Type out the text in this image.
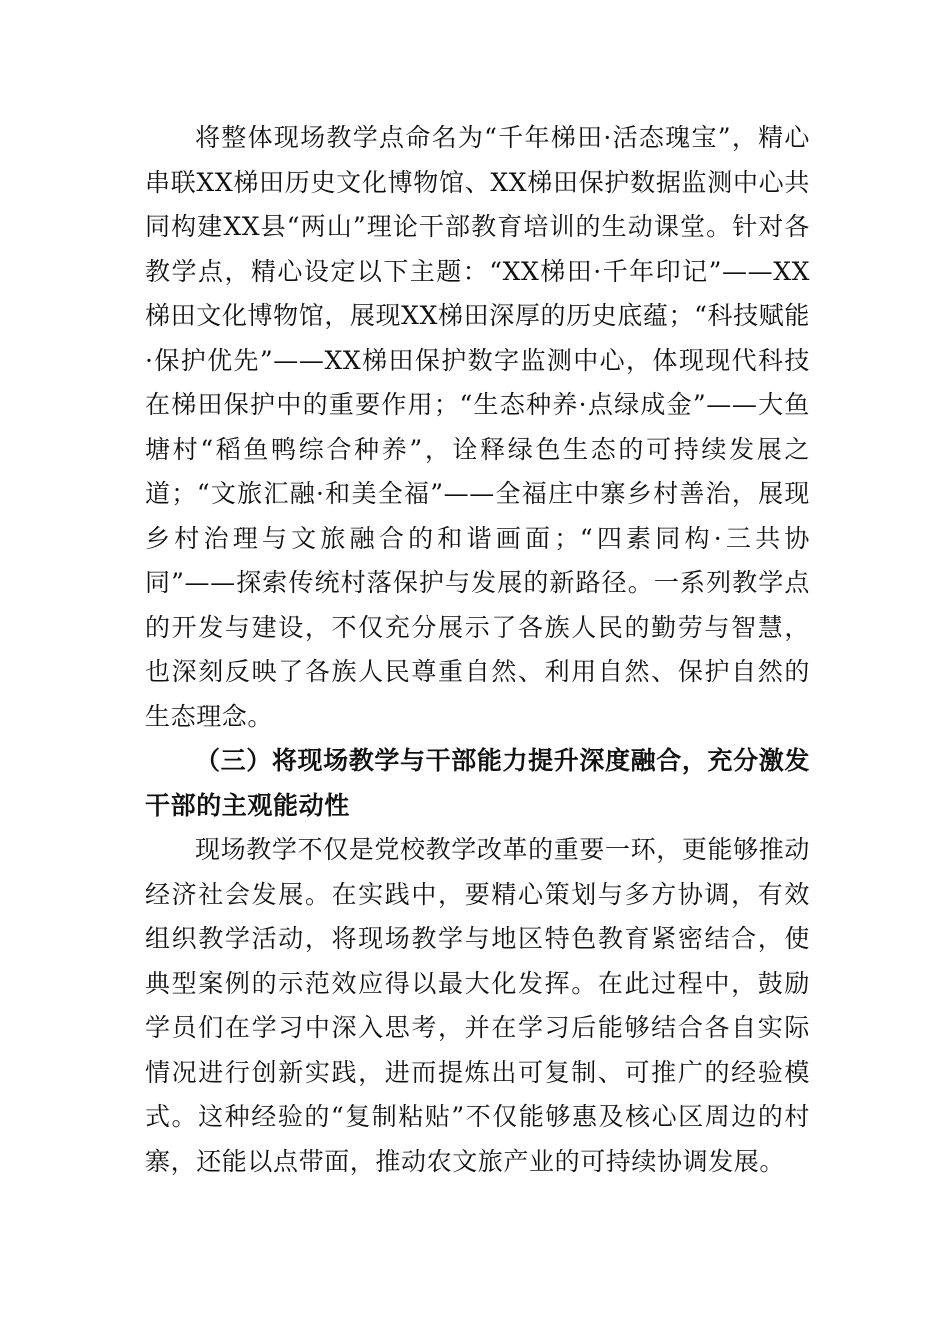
将整体现场教学点命名为“千年梯田·活态瑰宝”，精心串联XX梯田历史文化博物馆、XX梯田保护数据监测中心共同构建XX县“两山”理论干部教育培训的生动课堂。针对各教学点，精心设定以下主题：“XX梯田·千年印记”——XX梯田文化博物馆，展现XX梯田深厚的历史底蕴；“科技赋能·保护优先”——XX梯田保护数字监测中心，体现现代科技在梯田保护中的重要作用；“生态种养·点绿成金”——大鱼塘村“稻鱼鸭综合种养”，诠释绿色生态的可持续发展之道；“文旅汇融·和美全福”——全福庄中寨乡村善治，展现乡村治理与文旅融合的和谐画面；“四素同构·三共协同”——探索传统村落保护与发展的新路径。一系列教学点的开发与建设，不仅充分展示了各族人民的勤劳与智慧，也深刻反映了各族人民尊重自然、利用自然、保护自然的生态理念。

（三）将现场教学与干部能力提升深度融合，充分激发干部的主观能动性

现场教学不仅是党校教学改革的重要一环，更能够推动经济社会发展。在实践中，要精心策划与多方协调，有效组织教学活动，将现场教学与地区特色教育紧密结合，使典型案例的示范效应得以最大化发挥。在此过程中，鼓励学员们在学习中深入思考，并在学习后能够结合各自实际情况进行创新实践，进而提炼出可复制、可推广的经验模式。这种经验的“复制粘贴”不仅能够惠及核心区周边的村寨，还能以点带面，推动农文旅产业的可持续协调发展。
